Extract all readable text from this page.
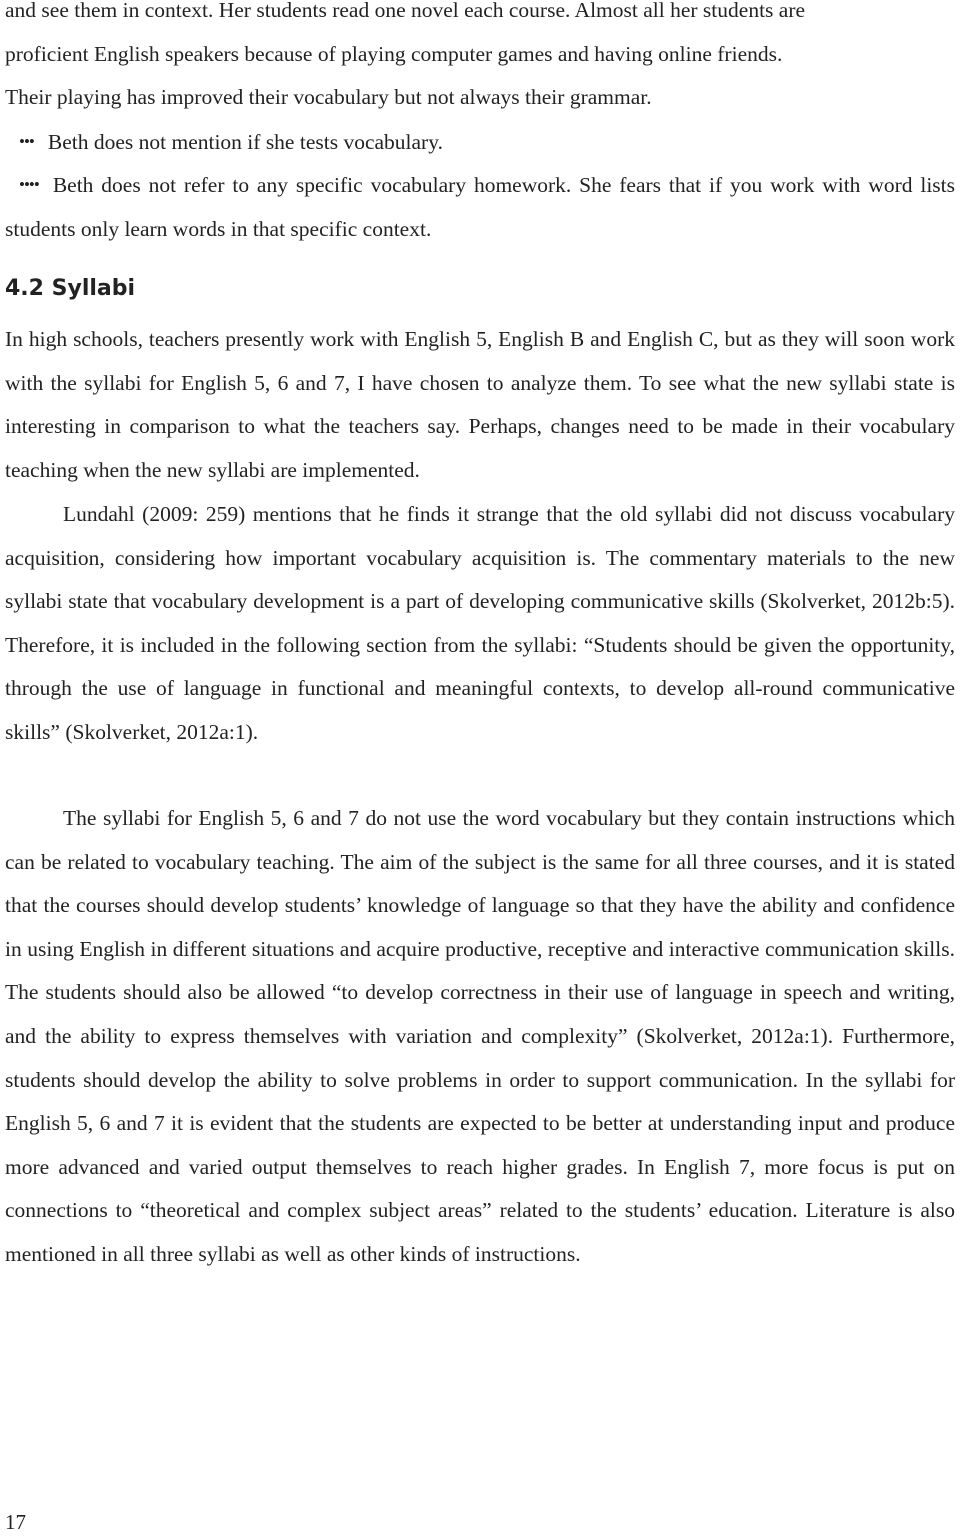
and see them in context. Her students read one novel each course. Almost all her students are
proficient English speakers because of playing computer games and having online friends.
Their playing has improved their vocabulary but not always their grammar.

••• Beth does not mention if she tests vocabulary.

•••• Beth does not refer to any specific vocabulary homework. She fears that if you work with word lists students only learn words in that specific context.

4.2 Syllabi

In high schools, teachers presently work with English 5, English B and English C, but as they will soon work with the syllabi for English 5, 6 and 7, I have chosen to analyze them. To see what the new syllabi state is interesting in comparison to what the teachers say. Perhaps, changes need to be made in their vocabulary teaching when the new syllabi are implemented.

Lundahl (2009: 259) mentions that he finds it strange that the old syllabi did not discuss vocabulary acquisition, considering how important vocabulary acquisition is. The commentary materials to the new syllabi state that vocabulary development is a part of developing communicative skills (Skolverket, 2012b:5). Therefore, it is included in the following section from the syllabi: “Students should be given the opportunity, through the use of language in functional and meaningful contexts, to develop all-round communicative skills” (Skolverket, 2012a:1).

The syllabi for English 5, 6 and 7 do not use the word vocabulary but they contain instructions which can be related to vocabulary teaching. The aim of the subject is the same for all three courses, and it is stated that the courses should develop students’ knowledge of language so that they have the ability and confidence in using English in different situations and acquire productive, receptive and interactive communication skills. The students should also be allowed “to develop correctness in their use of language in speech and writing, and the ability to express themselves with variation and complexity” (Skolverket, 2012a:1). Furthermore, students should develop the ability to solve problems in order to support communication. In the syllabi for English 5, 6 and 7 it is evident that the students are expected to be better at understanding input and produce more advanced and varied output themselves to reach higher grades. In English 7, more focus is put on connections to “theoretical and complex subject areas” related to the students’ education. Literature is also mentioned in all three syllabi as well as other kinds of instructions.

17
